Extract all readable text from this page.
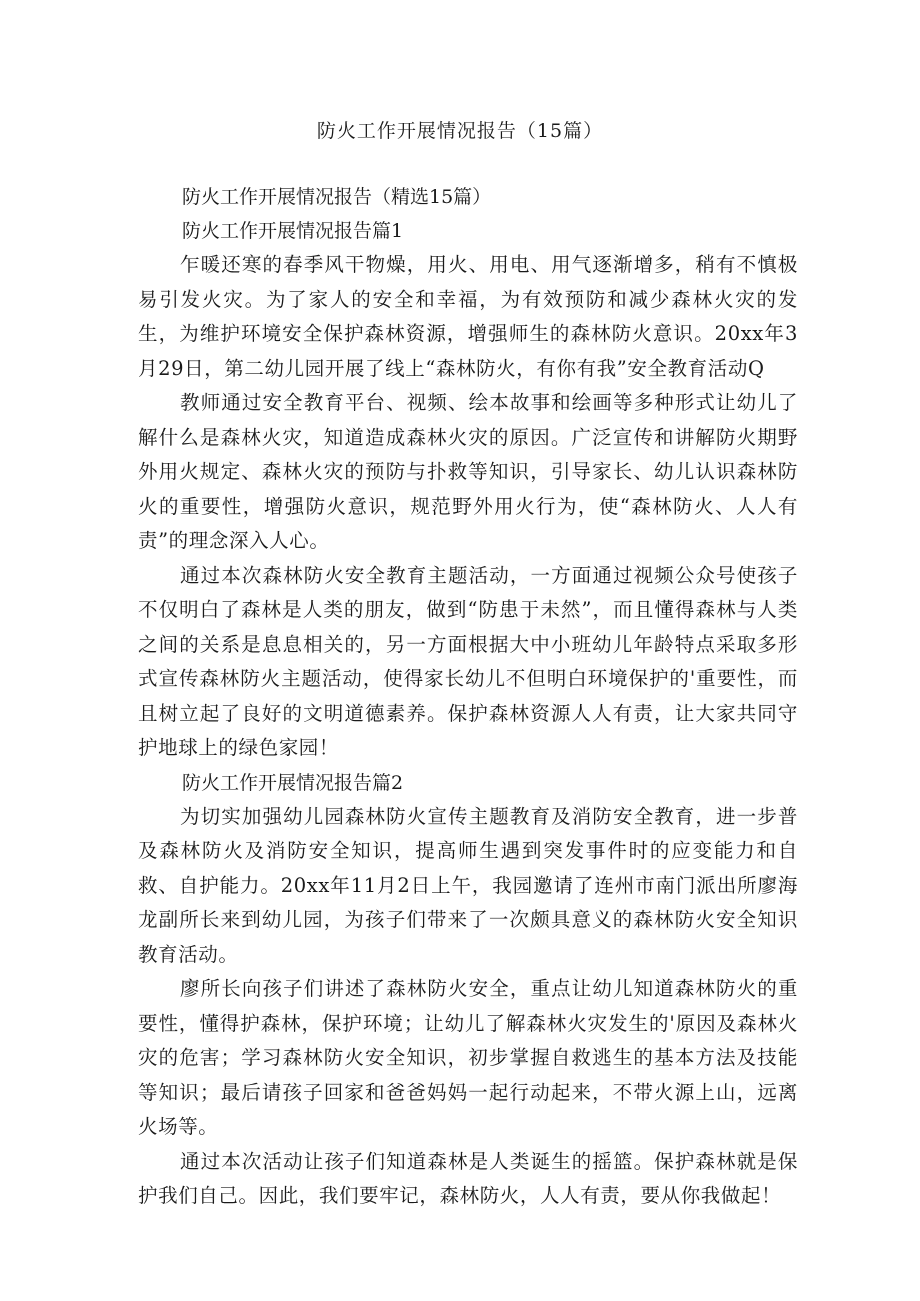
防火工作开展情况报告（15篇）

防火工作开展情况报告（精选15篇）

防火工作开展情况报告篇1

乍暖还寒的春季风干物燥，用火、用电、用气逐渐增多，稍有不慎极易引发火灾。为了家人的安全和幸福，为有效预防和减少森林火灾的发生，为维护环境安全保护森林资源，增强师生的森林防火意识。20xx年3月29日，第二幼儿园开展了线上“森林防火，有你有我”安全教育活动Q

教师通过安全教育平台、视频、绘本故事和绘画等多种形式让幼儿了解什么是森林火灾，知道造成森林火灾的原因。广泛宣传和讲解防火期野外用火规定、森林火灾的预防与扑救等知识，引导家长、幼儿认识森林防火的重要性，增强防火意识，规范野外用火行为，使“森林防火、人人有责”的理念深入人心。

通过本次森林防火安全教育主题活动，一方面通过视频公众号使孩子不仅明白了森林是人类的朋友，做到“防患于未然”，而且懂得森林与人类之间的关系是息息相关的，另一方面根据大中小班幼儿年龄特点采取多形式宣传森林防火主题活动，使得家长幼儿不但明白环境保护的'重要性，而且树立起了良好的文明道德素养。保护森林资源人人有责，让大家共同守护地球上的绿色家园！

防火工作开展情况报告篇2

为切实加强幼儿园森林防火宣传主题教育及消防安全教育，进一步普及森林防火及消防安全知识，提高师生遇到突发事件时的应变能力和自救、自护能力。20xx年11月2日上午，我园邀请了连州市南门派出所廖海龙副所长来到幼儿园，为孩子们带来了一次颇具意义的森林防火安全知识教育活动。

廖所长向孩子们讲述了森林防火安全，重点让幼儿知道森林防火的重要性，懂得护森林，保护环境；让幼儿了解森林火灾发生的'原因及森林火灾的危害；学习森林防火安全知识，初步掌握自救逃生的基本方法及技能等知识；最后请孩子回家和爸爸妈妈一起行动起来，不带火源上山，远离火场等。

通过本次活动让孩子们知道森林是人类诞生的摇篮。保护森林就是保护我们自己。因此，我们要牢记，森林防火，人人有责，要从你我做起！
